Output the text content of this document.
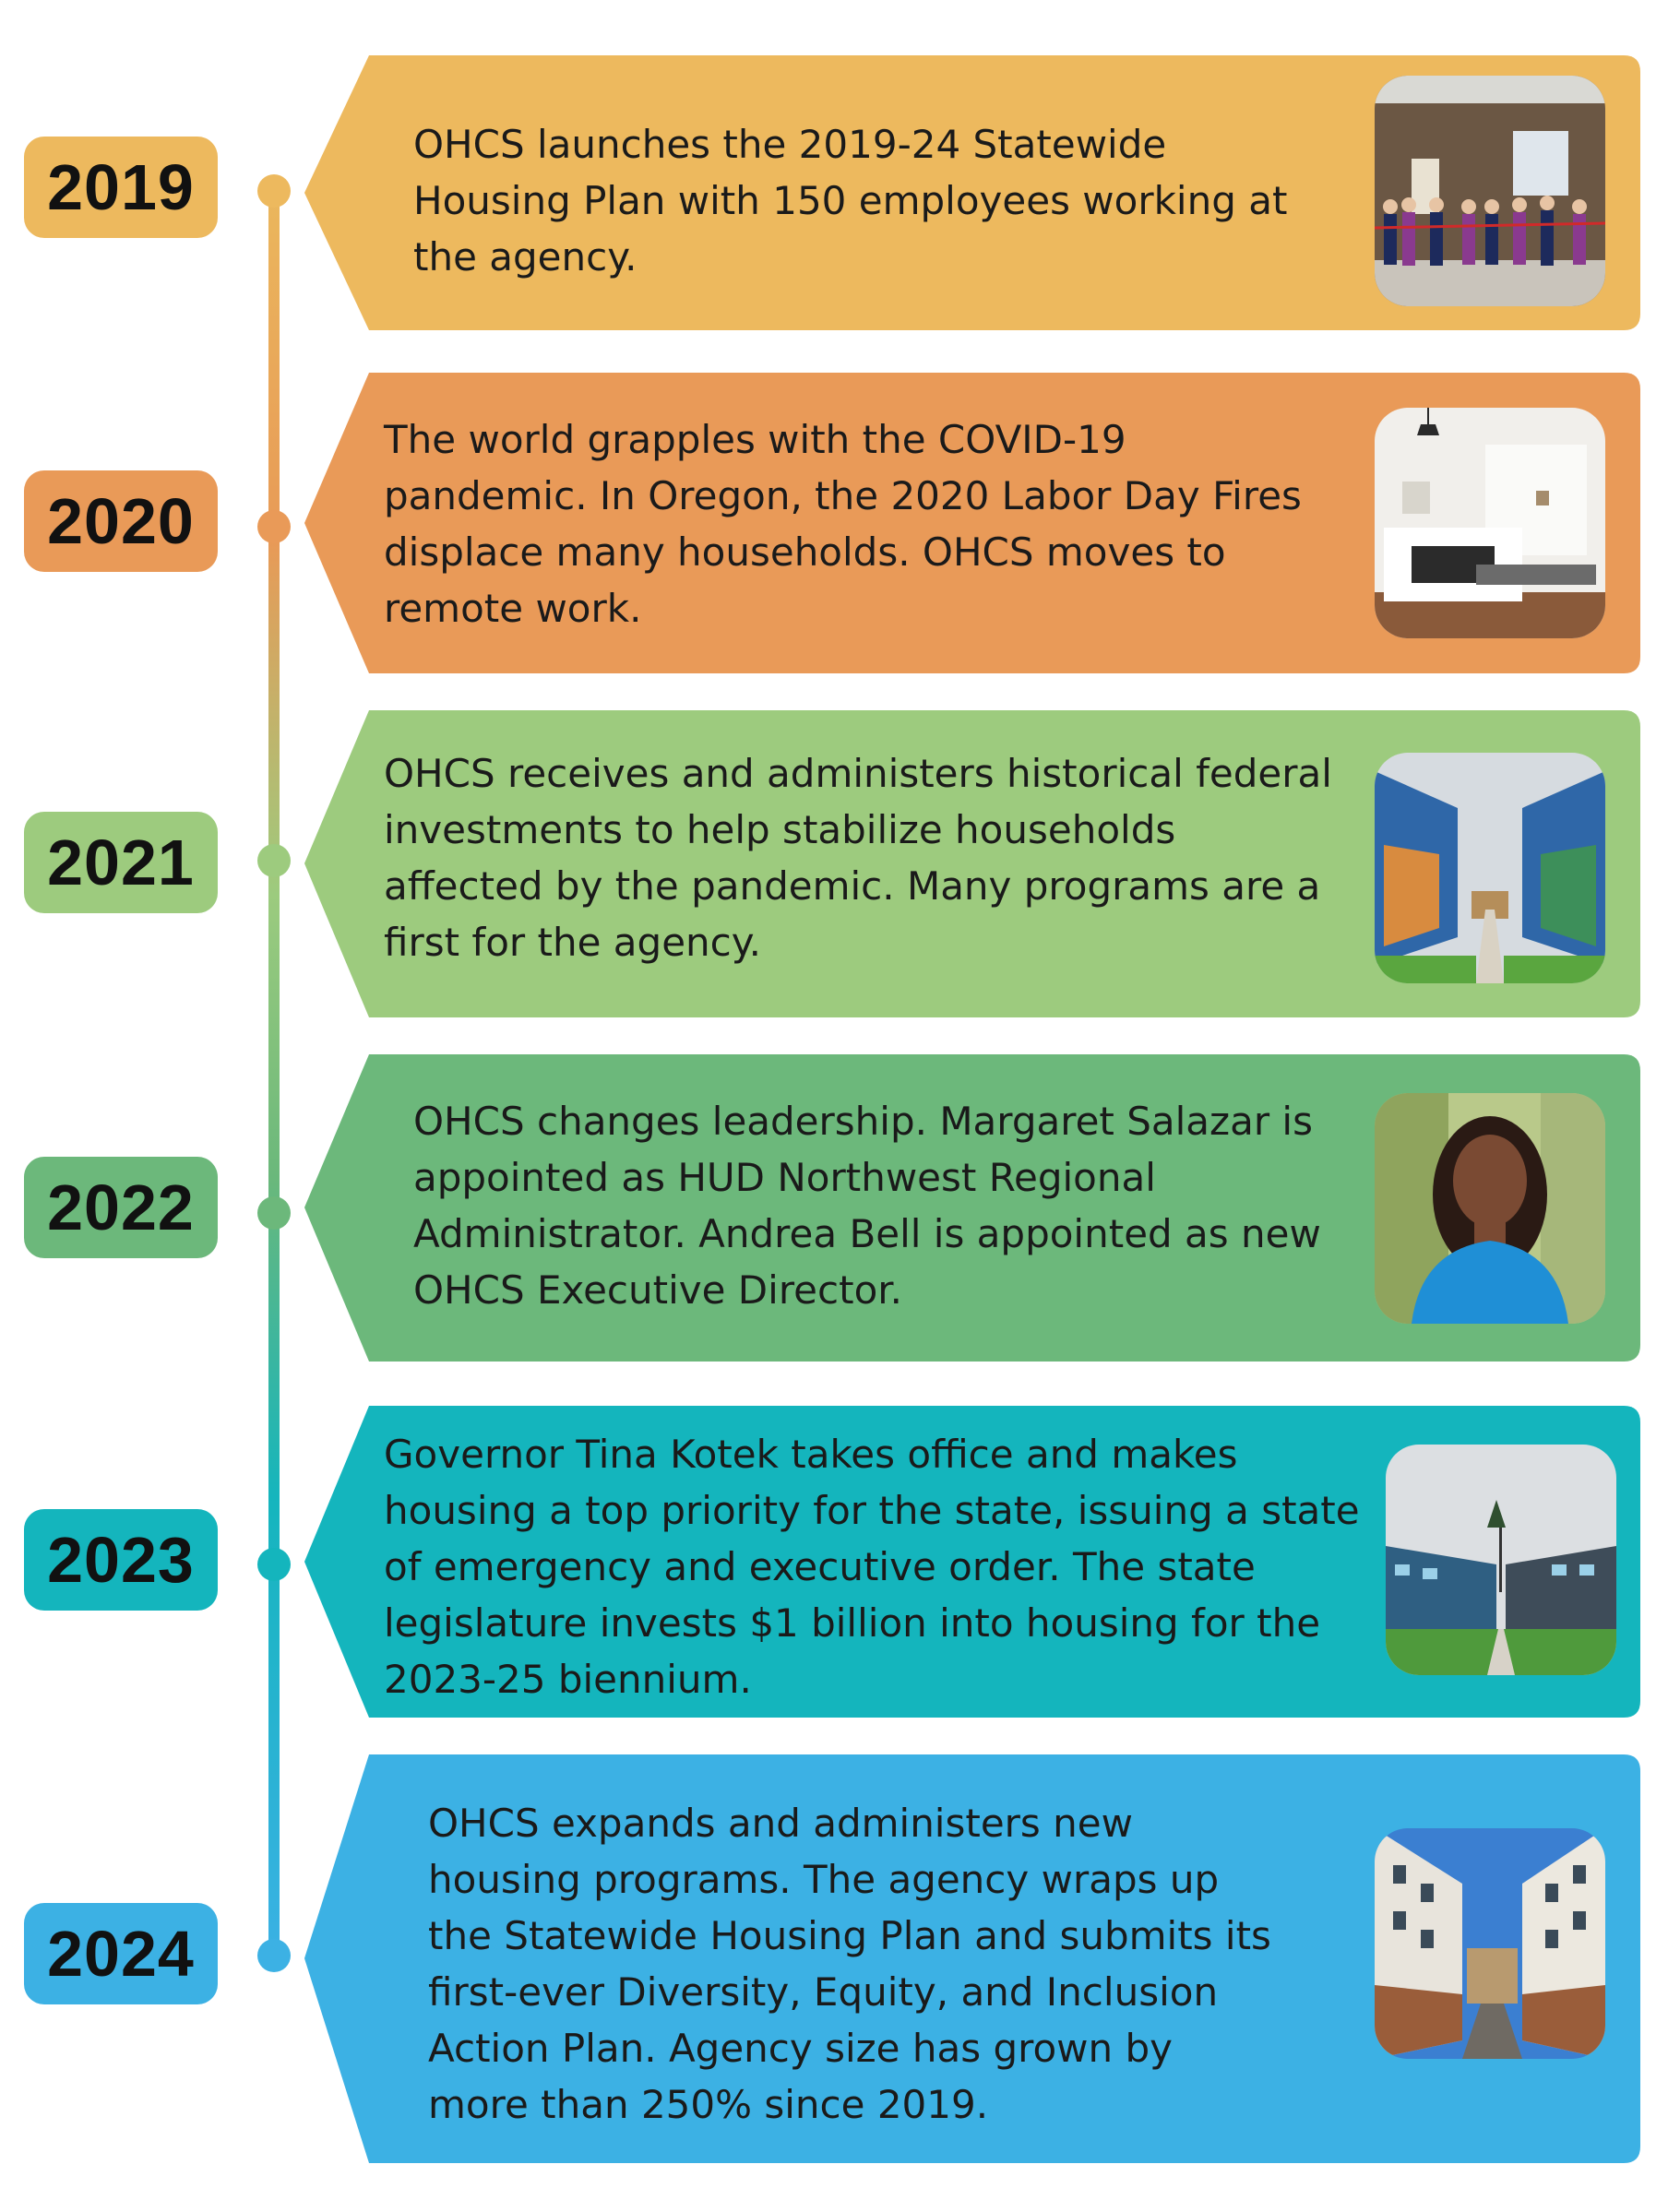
2019
OHCS launches the 2019-24 Statewide Housing Plan with 150 employees working at the agency.
2020
The world grapples with the COVID-19 pandemic. In Oregon, the 2020 Labor Day Fires displace many households. OHCS moves to remote work.
2021
OHCS receives and administers historical federal investments to help stabilize households affected by the pandemic. Many programs are a first for the agency.
2022
OHCS changes leadership. Margaret Salazar is appointed as HUD Northwest Regional Administrator. Andrea Bell is appointed as new OHCS Executive Director.
2023
Governor Tina Kotek takes office and makes housing a top priority for the state, issuing a state of emergency and executive order. The state legislature invests $1 billion into housing for the 2023-25 biennium.
2024
OHCS expands and administers new housing programs. The agency wraps up the Statewide Housing Plan and submits its first-ever Diversity, Equity, and Inclusion Action Plan. Agency size has grown by more than 250% since 2019.
